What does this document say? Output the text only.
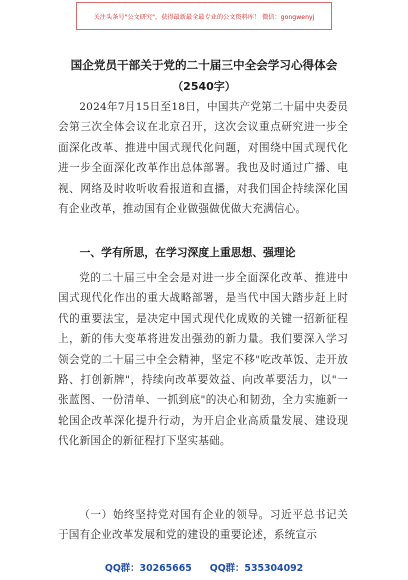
关注头条号"公文研究"，获得最新最全最专业的公文资料库！ 微信：gongwenyj
国企党员干部关于党的二十届三中全会学习心得体会
（2540字）

2024年7月15日至18日，中国共产党第二十届中央委员会第三次全体会议在北京召开，这次会议重点研究进一步全面深化改革、推进中国式现代化问题，对围绕中国式现代化进一步全面深化改革作出总体部署。我也及时通过广播、电视、网络及时收听收看报道和直播，对我们国企持续深化国有企业改革，推动国有企业做强做优做大充满信心。

一、学有所思，在学习深度上重思想、强理论

党的二十届三中全会是对进一步全面深化改革、推进中国式现代化作出的重大战略部署，是当代中国大踏步赶上时代的重要法宝，是决定中国式现代化成败的关键一招新征程上，新的伟大变革将进发出强劲的新力量。我们要深入学习领会党的二十届三中全会精神，坚定不移"吃改革饭、走开放路、打创新牌"，持续向改革要效益、向改革要活力，以"一张蓝图、一份清单、一抓到底"的决心和韧劲，全力实施新一轮国企改革深化提升行动，为开启企业高质量发展、建设现代化新国企的新征程打下坚实基础。

（一）始终坚持党对国有企业的领导。习近平总书记关于国有企业改革发展和党的建设的重要论述，系统宣示

QQ群：30265665 QQ群：535304092
